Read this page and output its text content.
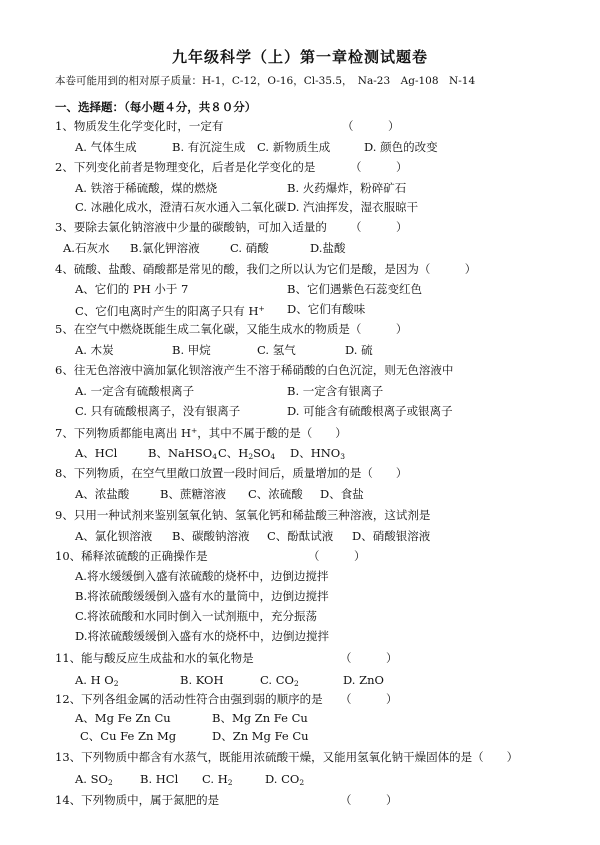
九年级科学（上）第一章检测试题卷
本卷可能用到的相对原子质量：H-1，C-12，O-16，Cl-35.5，　Na-23　Ag-108　N-14
一、选择题：（每小题４分，共８０分）
1、物质发生化学变化时，一定有	（　　　）
A. 气体生成	B. 有沉淀生成 C. 新物质生成	D. 颜色的改变
2、下列变化前者是物理变化，后者是化学变化的是	（　　　）
A. 铁溶于稀硫酸，煤的燃烧	B. 火药爆炸，粉碎矿石
C. 冰融化成水，澄清石灰水通入二氧化碳 D. 汽油挥发，湿衣服晾干
3、要除去氯化钠溶液中少量的碳酸钠，可加入适量的 （　　　）
A.石灰水 B.氯化钾溶液	C. 硝酸	D.盐酸
4、硫酸、盐酸、硝酸都是常见的酸，我们之所以认为它们是酸，是因为（　　　）
A、它们的 PH 小于 7	B、它们遇紫色石蕊变红色
C、它们电离时产生的阳离子只有 H+ D、它们有酸味
5、在空气中燃烧既能生成二氧化碳，又能生成水的物质是（　　　）
A. 木炭	B. 甲烷	C. 氢气	D. 硫
6、往无色溶液中滴加氯化钡溶液产生不溶于稀硝酸的白色沉淀，则无色溶液中
A. 一定含有硫酸根离子	B. 一定含有银离子
C. 只有硫酸根离子，没有银离子	D. 可能含有硫酸根离子或银离子
7、下列物质都能电离出 H+，其中不属于酸的是（　　）
A、HCl	B、NaHSO$_4$ C、$H_2SO_4$ D、$HNO_3$
8、下列物质，在空气里敞口放置一段时间后，质量增加的是（　　）
A、浓盐酸	B、蔗糖溶液 C、浓硫酸 D、食盐
9、只用一种试剂来鉴别氢氧化钠、氢氧化钙和稀盐酸三种溶液，这试剂是
A、氯化钡溶液 B、碳酸钠溶液 C、酚酞试液 D、硝酸银溶液
10、稀释浓硫酸的正确操作是	（　　　）
A.将水缓缓倒入盛有浓硫酸的烧杯中，边倒边搅拌
B.将浓硫酸缓缓倒入盛有水的量筒中，边倒边搅拌
C.将浓硫酸和水同时倒入一试剂瓶中，充分振荡
D.将浓硫酸缓缓倒入盛有水的烧杯中，边倒边搅拌
11、能与酸反应生成盐和水的氧化物是	（　　　）
A. H $O_2$	B. KOH	C. $CO_2$	D. ZnO
12、下列各组金属的活动性符合由强到弱的顺序的是 （　　　）
A、Mg Fe Zn Cu	B、Mg Zn Fe Cu
C、Cu Fe Zn Mg	D、Zn Mg Fe Cu
13、下列物质中都含有水蒸气，既能用浓硫酸干燥，又能用氢氧化钠干燥固体的是（　　）
A. $SO_2$ B. HCl C. $H_2$	D. $CO_2$
14、下列物质中，属于氮肥的是	（　　　）
